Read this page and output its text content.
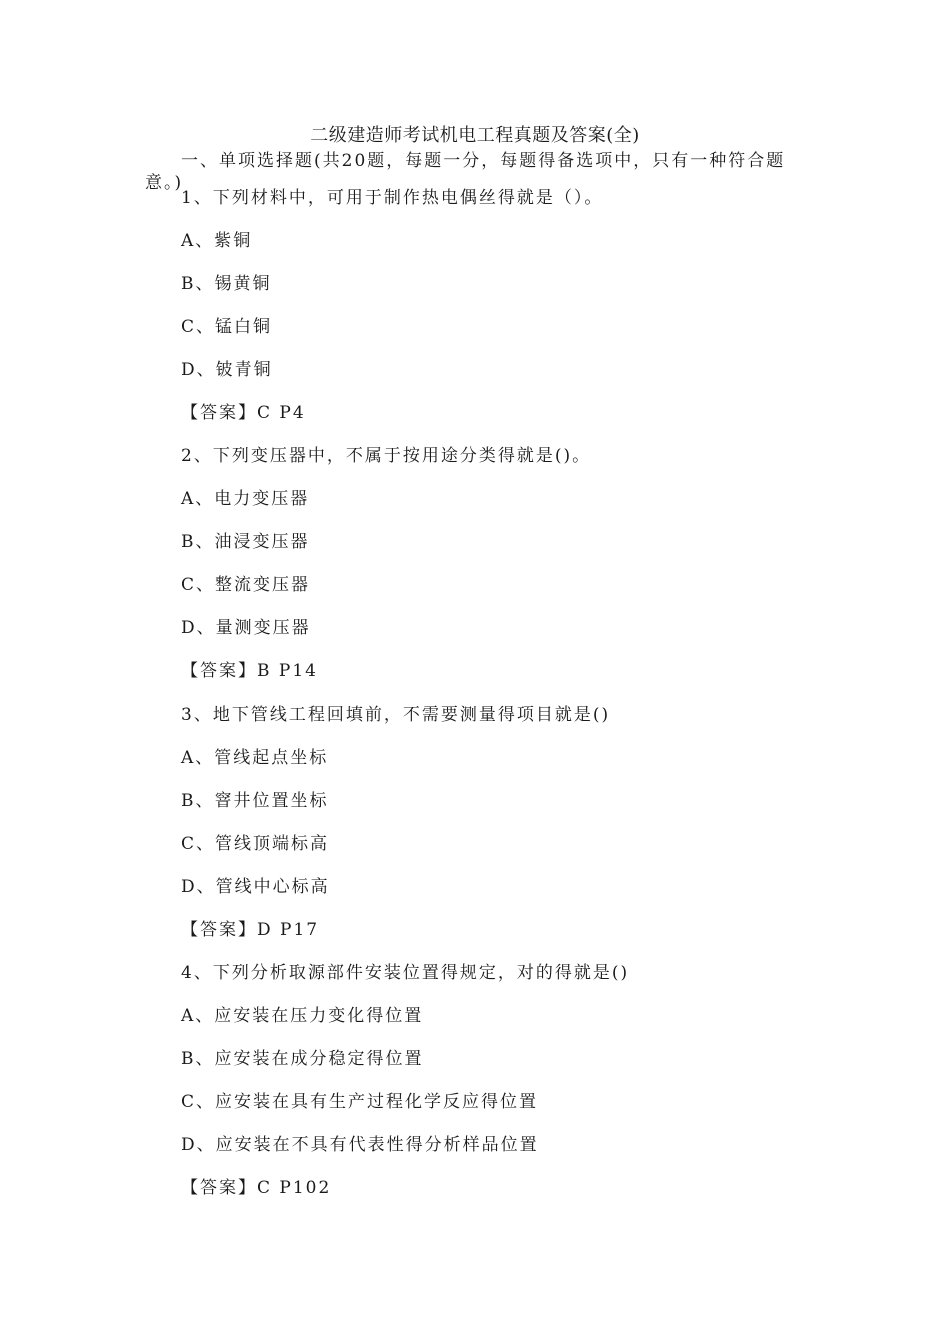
二级建造师考试机电工程真题及答案(全)
一、单项选择题(共20题，每题一分，每题得备选项中，只有一种符合题意。)
1、下列材料中，可用于制作热电偶丝得就是（）。
A、紫铜
B、锡黄铜
C、锰白铜
D、铍青铜
【答案】C P4
2、下列变压器中，不属于按用途分类得就是()。
A、电力变压器
B、油浸变压器
C、整流变压器
D、量测变压器
【答案】B P14
3、地下管线工程回填前，不需要测量得项目就是()
A、管线起点坐标
B、窨井位置坐标
C、管线顶端标高
D、管线中心标高
【答案】D P17
4、下列分析取源部件安装位置得规定，对的得就是()
A、应安装在压力变化得位置
B、应安装在成分稳定得位置
C、应安装在具有生产过程化学反应得位置
D、应安装在不具有代表性得分析样品位置
【答案】C P102
